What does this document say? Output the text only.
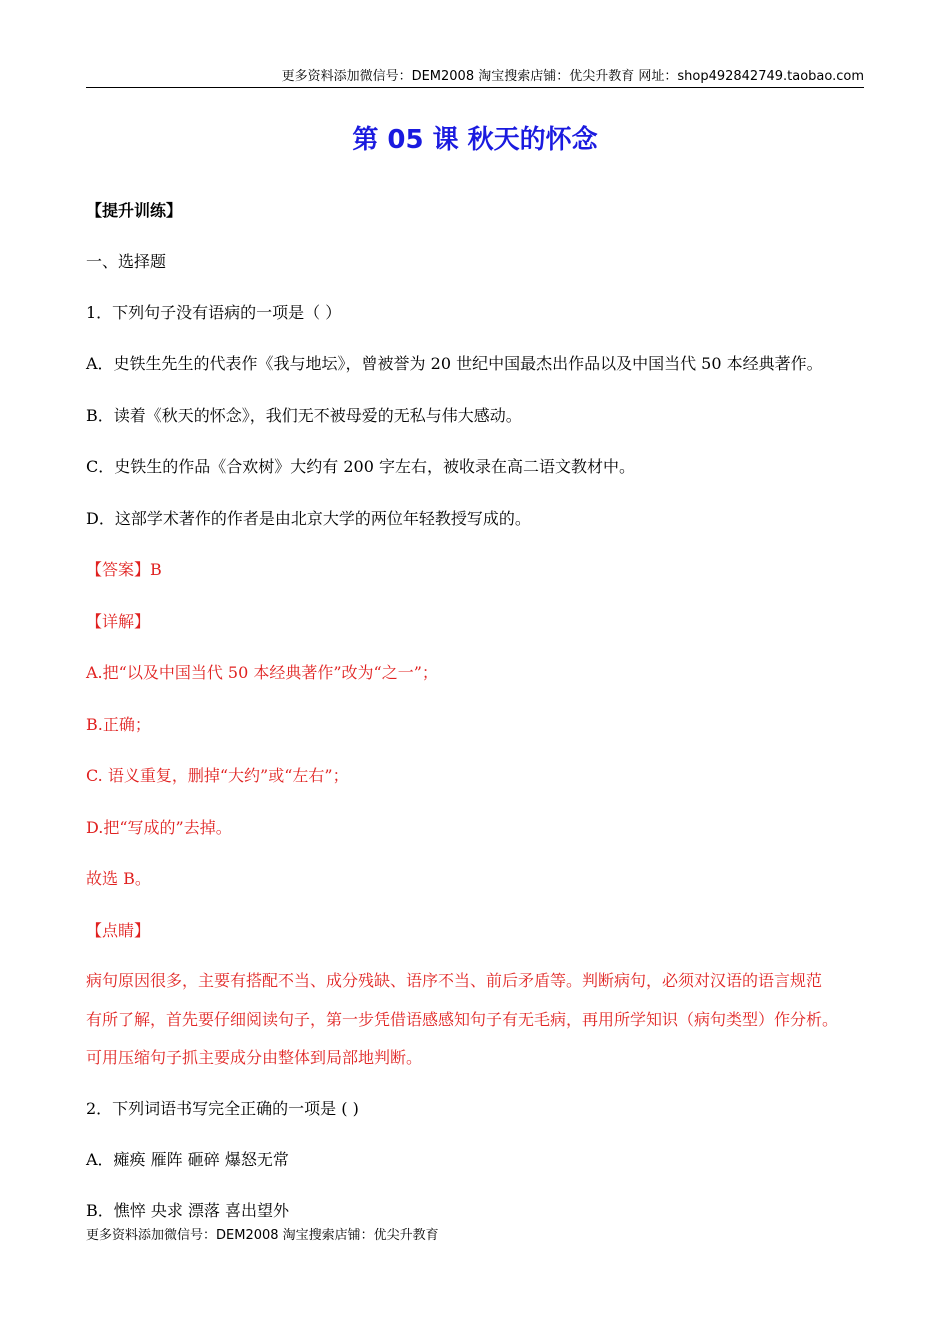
更多资料添加微信号：DEM2008 淘宝搜索店铺：优尖升教育 网址：shop492842749.taobao.com
第 05 课 秋天的怀念
【提升训练】
一、选择题
1．下列句子没有语病的一项是（ ）
A．史铁生先生的代表作《我与地坛》，曾被誉为 20 世纪中国最杰出作品以及中国当代 50 本经典著作。
B．读着《秋天的怀念》，我们无不被母爱的无私与伟大感动。
C．史铁生的作品《合欢树》大约有 200 字左右，被收录在高二语文教材中。
D．这部学术著作的作者是由北京大学的两位年轻教授写成的。
【答案】B
【详解】
A.把“以及中国当代 50 本经典著作”改为“之一”；
B.正确；
C. 语义重复，删掉“大约”或“左右”；
D.把“写成的”去掉。
故选 B。
【点睛】
病句原因很多，主要有搭配不当、成分残缺、语序不当、前后矛盾等。判断病句，必须对汉语的语言规范
有所了解，首先要仔细阅读句子，第一步凭借语感感知句子有无毛病，再用所学知识（病句类型）作分析。
可用压缩句子抓主要成分由整体到局部地判断。
2．下列词语书写完全正确的一项是 ( )
A．瘫痪 雁阵 砸碎 爆怒无常
B．憔悴 央求 漂落 喜出望外
更多资料添加微信号：DEM2008 淘宝搜索店铺：优尖升教育
